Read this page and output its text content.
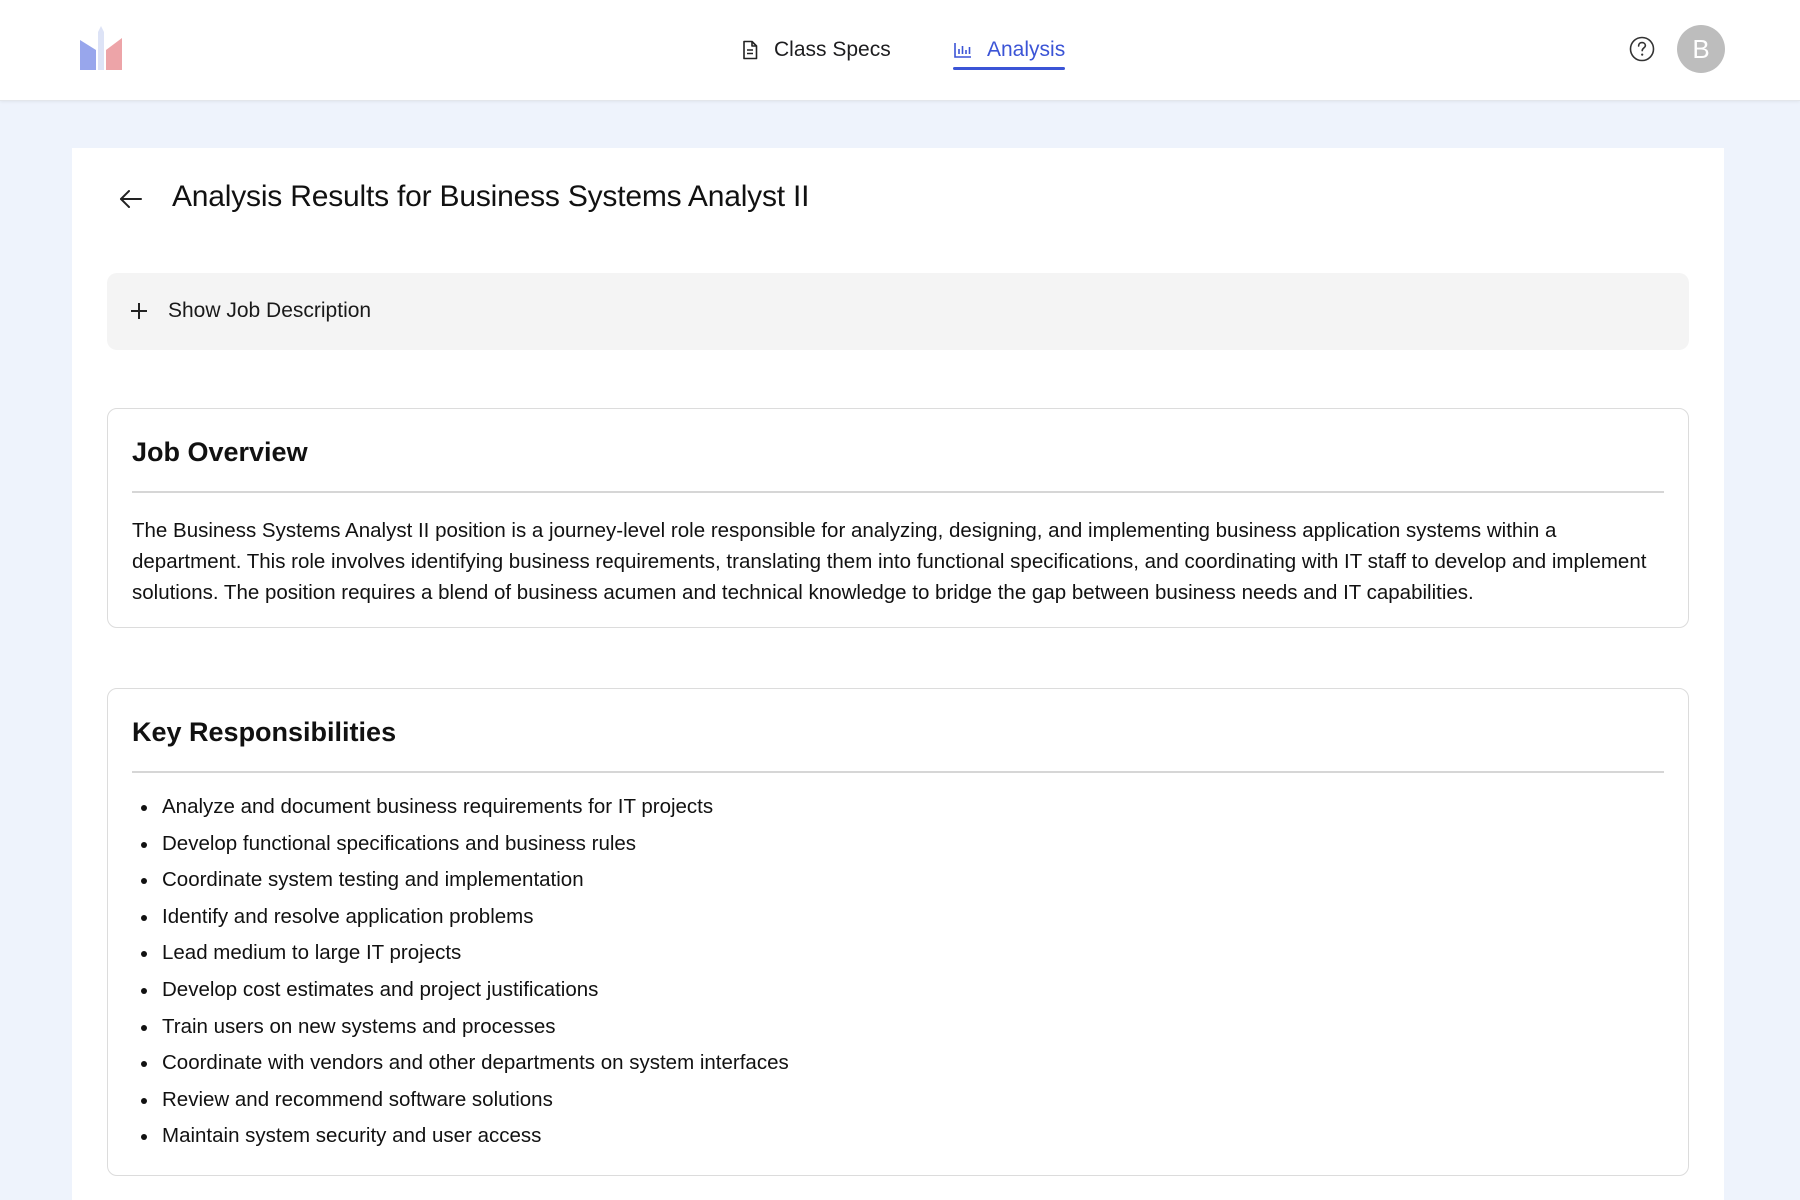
Class Specs	Analysis	B
Analysis Results for Business Systems Analyst II
Show Job Description
Job Overview

The Business Systems Analyst II position is a journey-level role responsible for analyzing, designing, and implementing business application systems within a department. This role involves identifying business requirements, translating them into functional specifications, and coordinating with IT staff to develop and implement solutions. The position requires a blend of business acumen and technical knowledge to bridge the gap between business needs and IT capabilities.

Key Responsibilities
Analyze and document business requirements for IT projects
Develop functional specifications and business rules
Coordinate system testing and implementation
Identify and resolve application problems
Lead medium to large IT projects
Develop cost estimates and project justifications
Train users on new systems and processes
Coordinate with vendors and other departments on system interfaces
Review and recommend software solutions
Maintain system security and user access
